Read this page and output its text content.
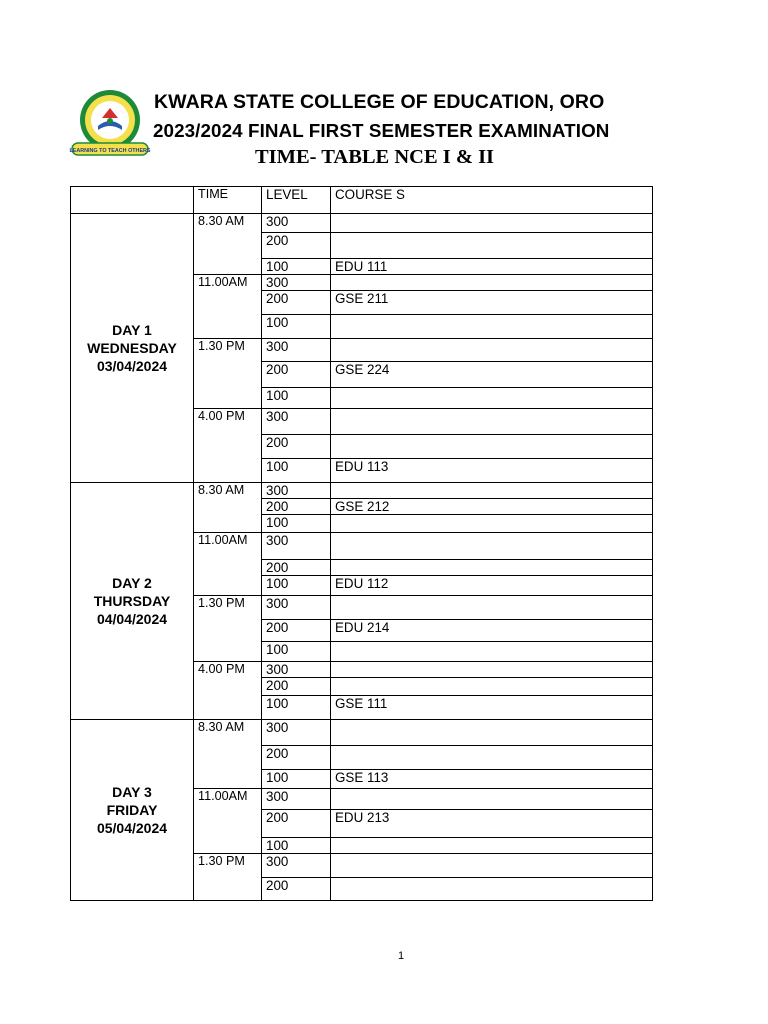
LEARNING TO TEACH OTHERS
KWARA STATE COLLEGE OF EDUCATION, ORO
2023/2024 FINAL FIRST SEMESTER EXAMINATION
TIME- TABLE NCE I & II
	TIME	LEVEL	COURSE S

DAY 1
WEDNESDAY
03/04/2024	8.30 AM	300	
		200	
		100	EDU 111
	11.00AM	300	
		200	GSE 211
		100	
	1.30 PM	300	
		200	GSE 224
		100	
	4.00 PM	300	
		200	
		100	EDU 113

DAY 2
THURSDAY
04/04/2024	8.30 AM	300	
		200	GSE 212
		100	
	11.00AM	300	
		200	
		100	EDU 112
	1.30 PM	300	
		200	EDU 214
		100	
	4.00 PM	300	
		200	
		100	GSE 111

DAY 3
FRIDAY
05/04/2024	8.30 AM	300	
		200	
		100	GSE 113
	11.00AM	300	
		200	EDU 213
		100	
	1.30 PM	300	
		200	
1
